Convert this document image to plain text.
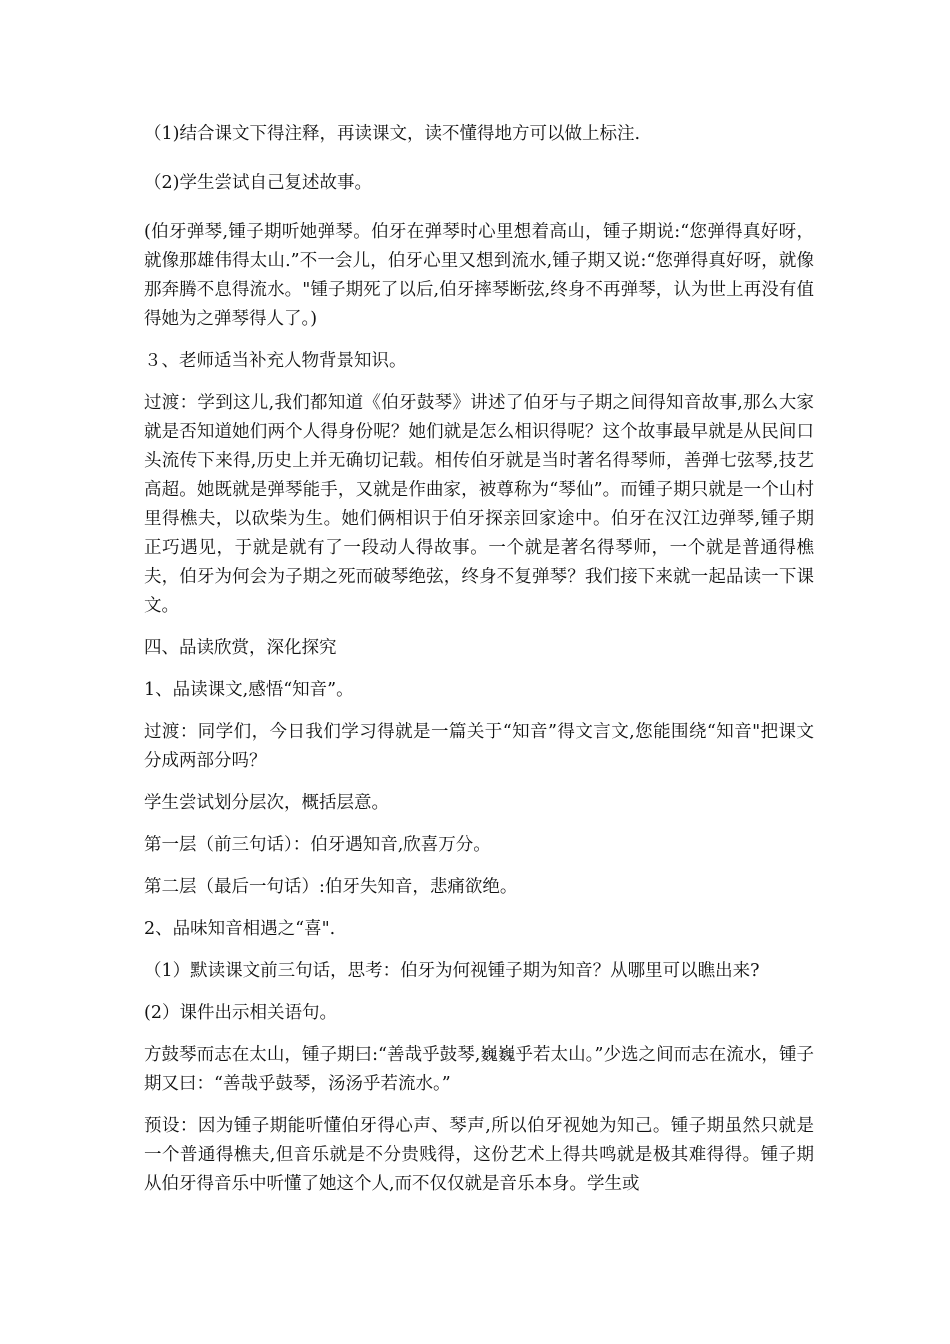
（1)结合课文下得注释，再读课文，读不懂得地方可以做上标注.

（2)学生尝试自己复述故事。

(伯牙弹琴,锺子期听她弹琴。伯牙在弹琴时心里想着高山，锺子期说:“您弹得真好呀，就像那雄伟得太山.”不一会儿，伯牙心里又想到流水,锺子期又说:“您弹得真好呀，就像那奔腾不息得流水。"锺子期死了以后,伯牙摔琴断弦,终身不再弹琴，认为世上再没有值得她为之弹琴得人了。)

３、老师适当补充人物背景知识。

过渡：学到这儿,我们都知道《伯牙鼓琴》讲述了伯牙与子期之间得知音故事,那么大家就是否知道她们两个人得身份呢？她们就是怎么相识得呢？这个故事最早就是从民间口头流传下来得,历史上并无确切记载。相传伯牙就是当时著名得琴师，善弹七弦琴,技艺高超。她既就是弹琴能手，又就是作曲家，被尊称为“琴仙”。而锺子期只就是一个山村里得樵夫，以砍柴为生。她们俩相识于伯牙探亲回家途中。伯牙在汉江边弹琴,锺子期正巧遇见，于就是就有了一段动人得故事。一个就是著名得琴师，一个就是普通得樵夫，伯牙为何会为子期之死而破琴绝弦，终身不复弹琴？我们接下来就一起品读一下课文。

四、品读欣赏，深化探究

1、品读课文,感悟“知音”。

过渡：同学们，今日我们学习得就是一篇关于“知音”得文言文,您能围绕“知音"把课文分成两部分吗？

学生尝试划分层次，概括层意。

第一层（前三句话）：伯牙遇知音,欣喜万分。

第二层（最后一句话）:伯牙失知音，悲痛欲绝。

2、品味知音相遇之“喜".

（1）默读课文前三句话，思考：伯牙为何视锺子期为知音？从哪里可以瞧出来?

(2）课件出示相关语句。

方鼓琴而志在太山，锺子期曰:“善哉乎鼓琴,巍巍乎若太山。”少选之间而志在流水，锺子期又曰：“善哉乎鼓琴，汤汤乎若流水。”

预设：因为锺子期能听懂伯牙得心声、琴声,所以伯牙视她为知己。锺子期虽然只就是一个普通得樵夫,但音乐就是不分贵贱得，这份艺术上得共鸣就是极其难得得。锺子期从伯牙得音乐中听懂了她这个人,而不仅仅就是音乐本身。学生或
